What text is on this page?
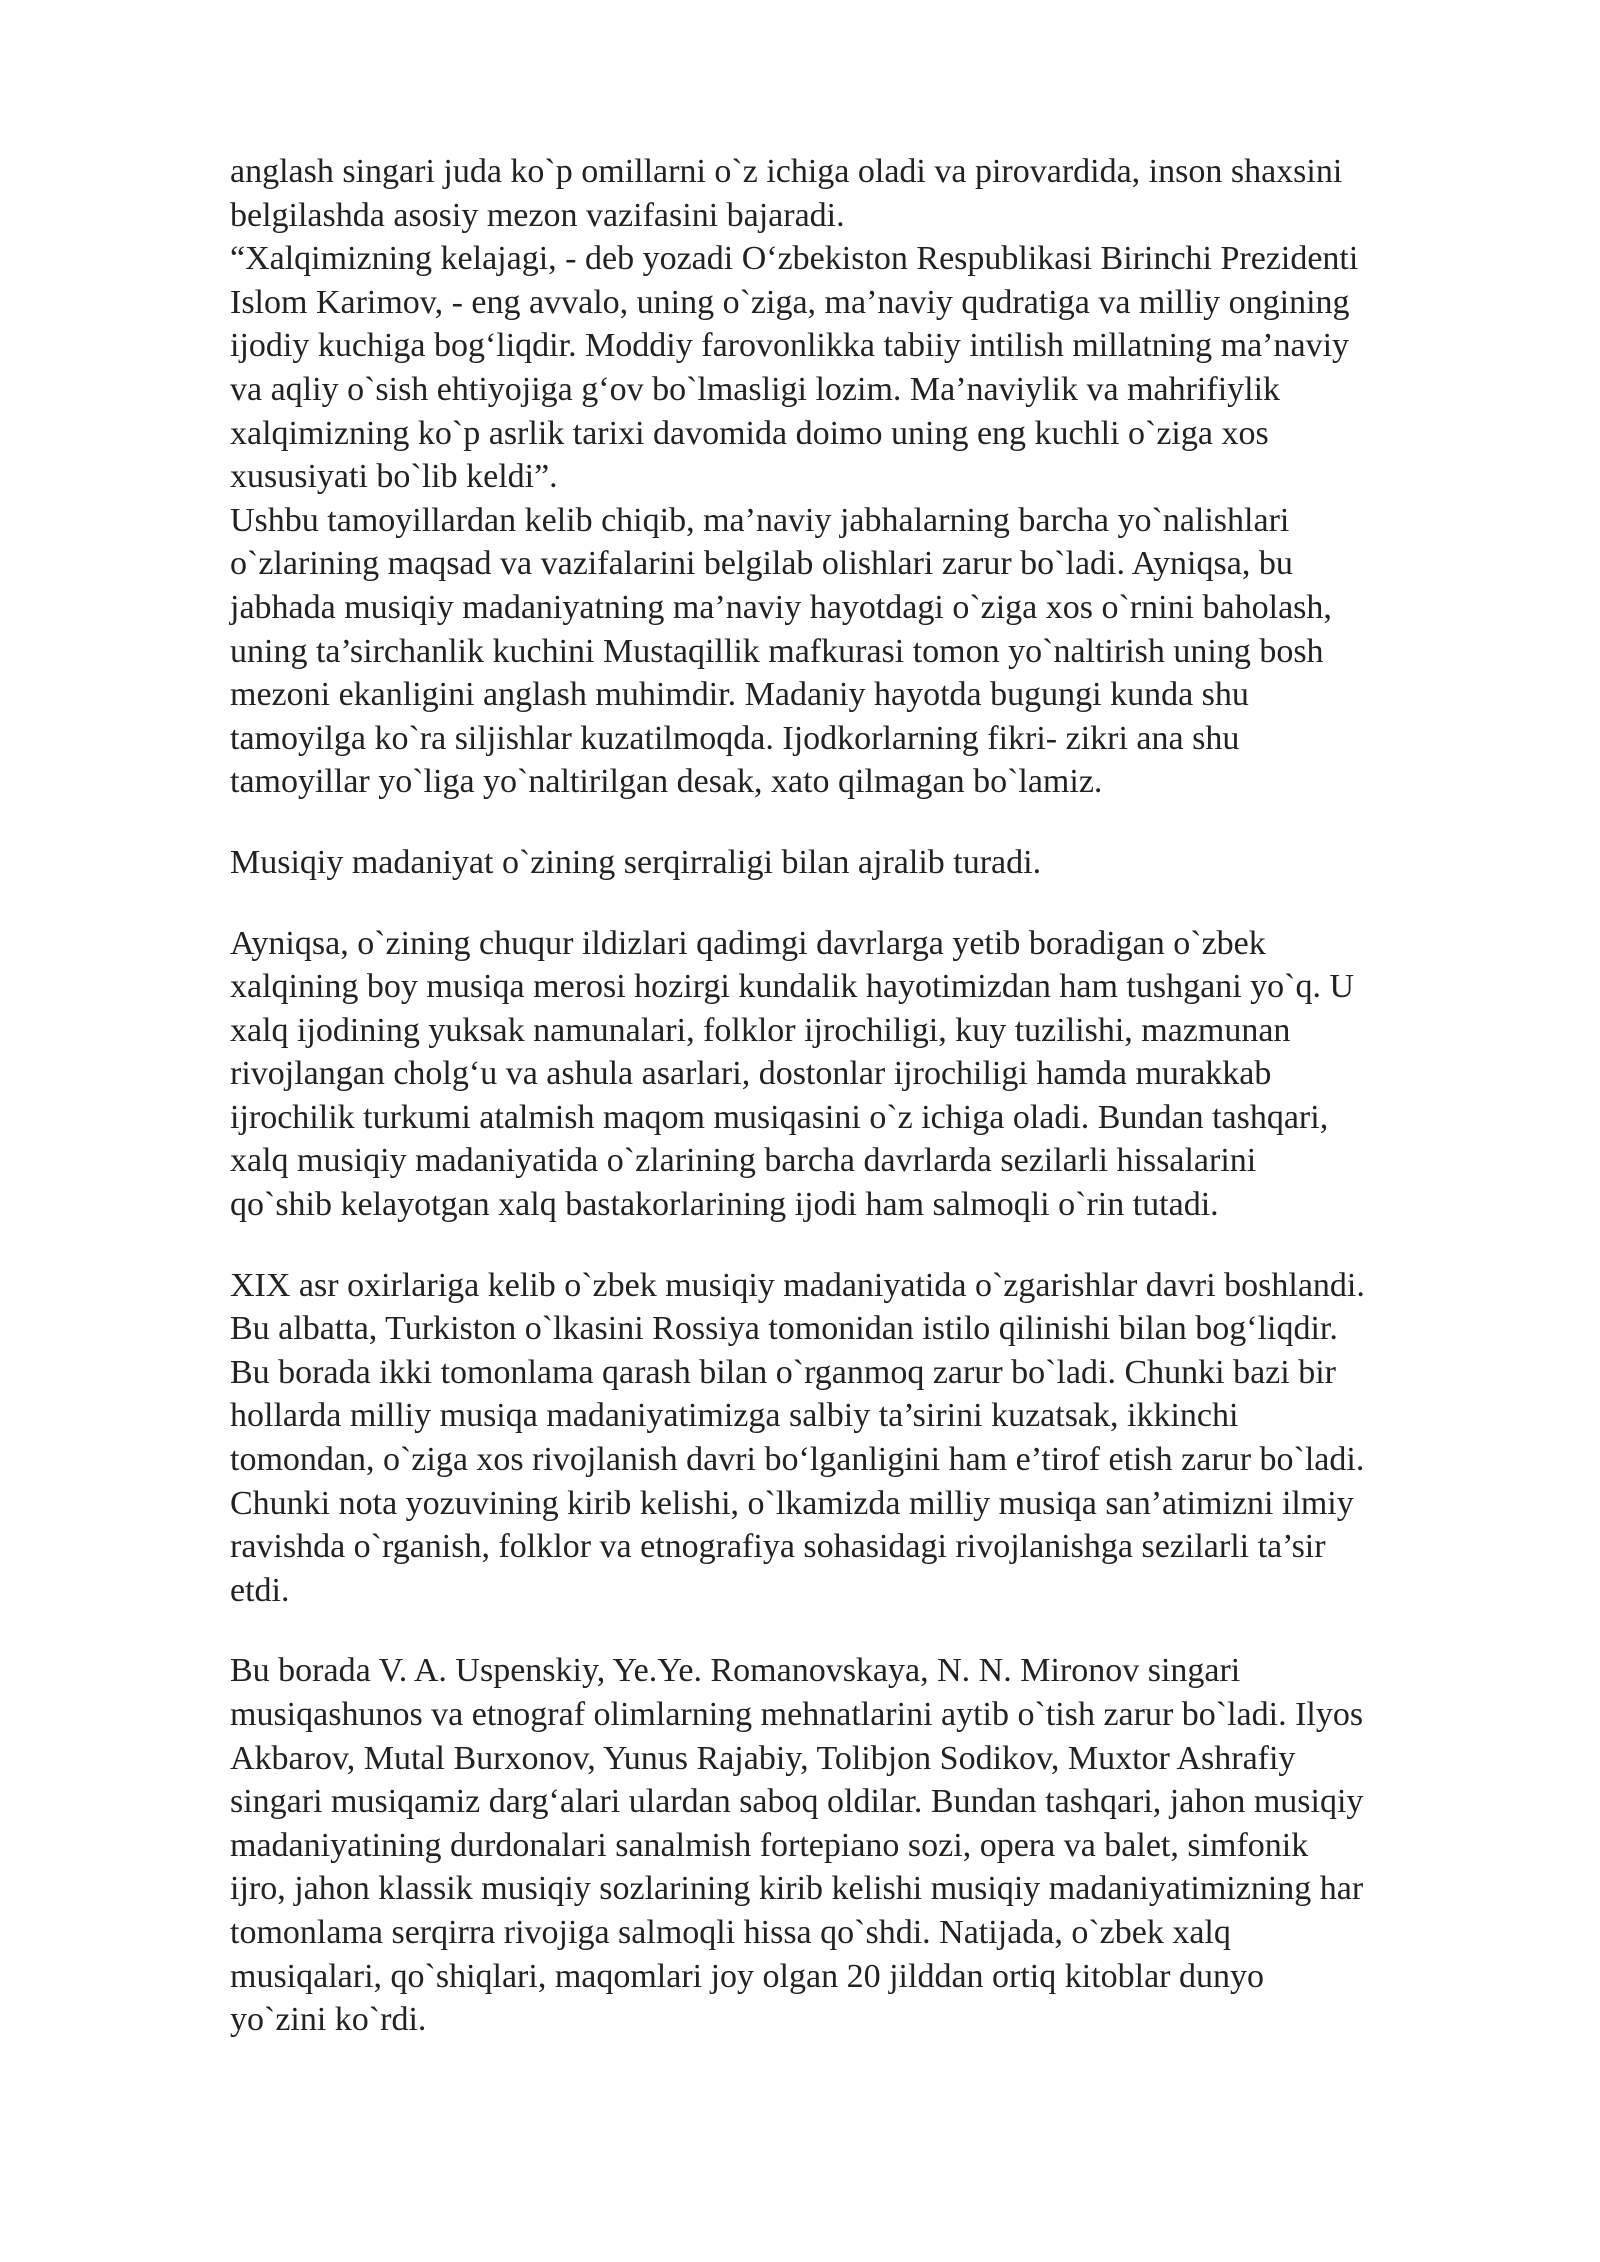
anglash singari juda ko`p omillarni o`z ichiga oladi va pirovardida, inson shaxsini
belgilashda asosiy mezon vazifasini bajaradi.

“Xalqimizning kelajagi, - deb yozadi O‘zbekiston Respublikasi Birinchi Prezidenti
Islom Karimov, - eng avvalo, uning o`ziga, ma’naviy qudratiga va milliy ongining
ijodiy kuchiga bog‘liqdir. Moddiy farovonlikka tabiiy intilish millatning ma’naviy
va aqliy o`sish ehtiyojiga g‘ov bo`lmasligi lozim. Ma’naviylik va mahrifiylik
xalqimizning ko`p asrlik tarixi davomida doimo uning eng kuchli o`ziga xos
xususiyati bo`lib keldi”.

Ushbu tamoyillardan kelib chiqib, ma’naviy jabhalarning barcha yo`nalishlari
o`zlarining maqsad va vazifalarini belgilab olishlari zarur bo`ladi. Ayniqsa, bu
jabhada musiqiy madaniyatning ma’naviy hayotdagi o`ziga xos o`rnini baholash,
uning ta’sirchanlik kuchini Mustaqillik mafkurasi tomon yo`naltirish uning bosh
mezoni ekanligini anglash muhimdir. Madaniy hayotda bugungi kunda shu
tamoyilga ko`ra siljishlar kuzatilmoqda. Ijodkorlarning fikri- zikri ana shu
tamoyillar yo`liga yo`naltirilgan desak, xato qilmagan bo`lamiz.

Musiqiy madaniyat o`zining serqirraligi bilan ajralib turadi.

Ayniqsa, o`zining chuqur ildizlari qadimgi davrlarga yetib boradigan o`zbek
xalqining boy musiqa merosi hozirgi kundalik hayotimizdan ham tushgani yo`q. U
xalq ijodining yuksak namunalari, folklor ijrochiligi, kuy tuzilishi, mazmunan
rivojlangan cholg‘u va ashula asarlari, dostonlar ijrochiligi hamda murakkab
ijrochilik turkumi atalmish maqom musiqasini o`z ichiga oladi. Bundan tashqari,
xalq musiqiy madaniyatida o`zlarining barcha davrlarda sezilarli hissalarini
qo`shib kelayotgan xalq bastakorlarining ijodi ham salmoqli o`rin tutadi.

XIX asr oxirlariga kelib o`zbek musiqiy madaniyatida o`zgarishlar davri boshlandi.
Bu albatta, Turkiston o`lkasini Rossiya tomonidan istilo qilinishi bilan bog‘liqdir.
Bu borada ikki tomonlama qarash bilan o`rganmoq zarur bo`ladi. Chunki bazi bir
hollarda milliy musiqa madaniyatimizga salbiy ta’sirini kuzatsak, ikkinchi
tomondan, o`ziga xos rivojlanish davri bo‘lganligini ham e’tirof etish zarur bo`ladi.
Chunki nota yozuvining kirib kelishi, o`lkamizda milliy musiqa san’atimizni ilmiy
ravishda o`rganish, folklor va etnografiya sohasidagi rivojlanishga sezilarli ta’sir
etdi.

Bu borada V. A. Uspenskiy, Ye.Ye. Romanovskaya, N. N. Mironov singari
musiqashunos va etnograf olimlarning mehnatlarini aytib o`tish zarur bo`ladi. Ilyos
Akbarov, Mutal Burxonov, Yunus Rajabiy, Tolibjon Sodikov, Muxtor Ashrafiy
singari musiqamiz darg‘alari ulardan saboq oldilar. Bundan tashqari, jahon musiqiy
madaniyatining durdonalari sanalmish fortepiano sozi, opera va balet, simfonik
ijro, jahon klassik musiqiy sozlarining kirib kelishi musiqiy madaniyatimizning har
tomonlama serqirra rivojiga salmoqli hissa qo`shdi. Natijada, o`zbek xalq
musiqalari, qo`shiqlari, maqomlari joy olgan 20 jilddan ortiq kitoblar dunyo
yo`zini ko`rdi.
